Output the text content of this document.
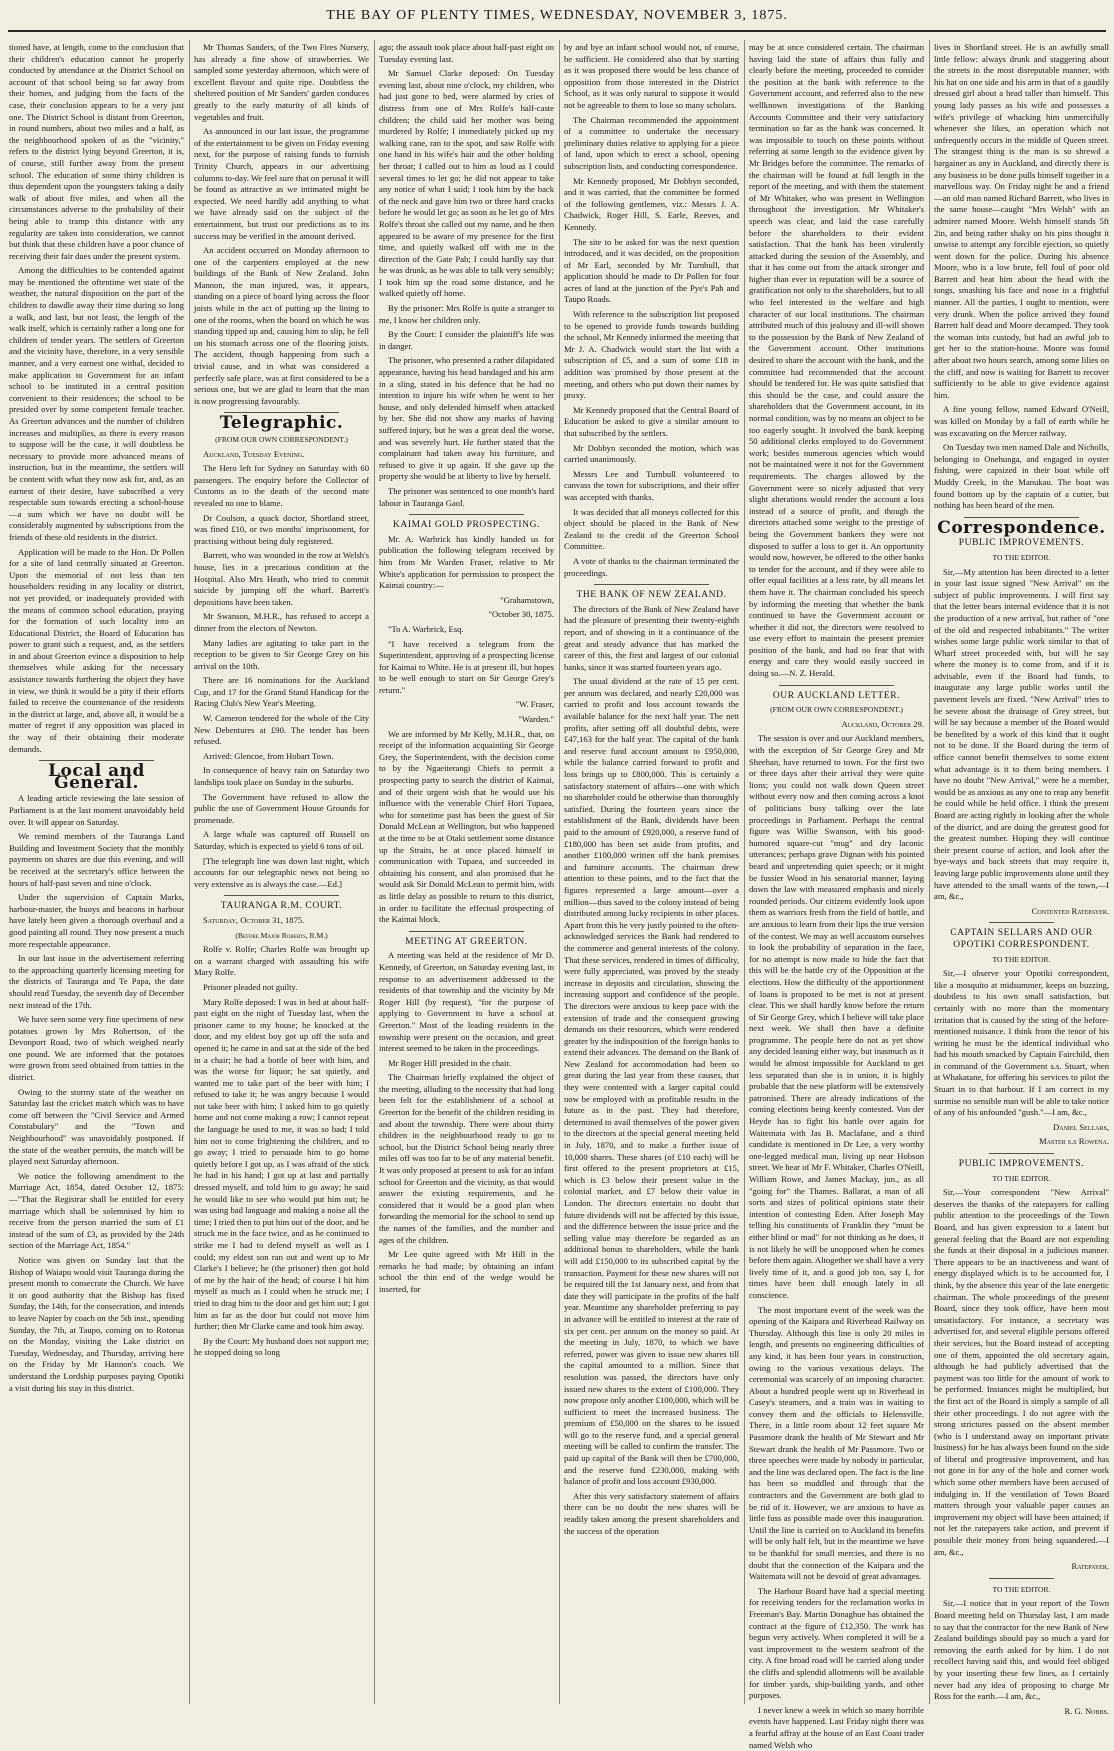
THE BAY OF PLENTY TIMES, WEDNESDAY, NOVEMBER 3, 1875.

tioned have, at length, come to the conclusion that their children's education cannot be properly conducted by attendance at the District School on account of that school being so far away from their homes, and judging from the facts of the case, their conclusion appears to be a very just one. The District School is distant from Greerton, in round numbers, about two miles and a half, as the neighbourhood spoken of as the "vicinity," refers to the district lying beyond Greerton, it is, of course, still further away from the present school. The education of some thirty children is thus dependent upon the youngsters taking a daily walk of about five miles, and when all the circumstances adverse to the probability of their being able to tramp this distance with any regularity are taken into consideration, we cannot but think that these children have a poor chance of receiving their fair dues under the present system.

Among the difficulties to be contended against may be mentioned the oftentime wet state of the weather, the natural disposition on the part of the children to dawdle away their time during so long a walk, and last, but not least, the length of the walk itself, which is certainly rather a long one for children of tender years. The settlers of Greerton and the vicinity have, therefore, in a very sensible manner, and a very earnest one withal, decided to make application to Government for an infant school to be instituted in a central position convenient to their residences; the school to be presided over by some competent female teacher. As Greerton advances and the number of children increases and multiplies, as there is every reason to suppose will be the case, it will doubtless be necessary to provide more advanced means of instruction, but in the meantime, the settlers will be content with what they now ask for, and, as an earnest of their desire, have subscribed a very respectable sum towards erecting a school-house—a sum which we have no doubt will be considerably augmented by subscriptions from the friends of these old residents in the district.

Application will be made to the Hon. Dr Pollen for a site of land centrally situated at Greerton. Upon the memorial of not less than ten householders residing in any locality or district, not yet provided, or inadequately provided with the means of common school education, praying for the formation of such locality into an Educational District, the Board of Education has power to grant such a request, and, as the settlers in and about Greerton evince a disposition to help themselves while asking for the necessary assistance towards furthering the object they have in view, we think it would be a pity if their efforts failed to receive the countenance of the residents in the district at large, and, above all, it would be a matter of regret if any opposition was placed in the way of their obtaining their moderate demands.

Local and General.

A leading article reviewing the late session of Parliament is at the last moment unavoidably held over. It will appear on Saturday.

We remind members of the Tauranga Land Building and Investment Society that the monthly payments on shares are due this evening, and will be received at the secretary's office between the hours of half-past seven and nine o'clock.

Under the supervision of Captain Marks, harbour-master, the buoys and beacons in harbour have lately been given a thorough overhaul and a good painting all round. They now present a much more respectable appearance.

In our last issue in the advertisement referring to the approaching quarterly licensing meeting for the districts of Tauranga and Te Papa, the date should read Tuesday, the seventh day of December next instead of the 17th.

We have seen some very fine specimens of new potatoes grown by Mrs Robertson, of the Devonport Road, two of which weighed nearly one pound. We are informed that the potatoes were grown from seed obtained from tatties in the district.

Owing to the stormy state of the weather on Saturday last the cricket match which was to have come off between the "Civil Service and Armed Constabulary" and the "Town and Neighbourhood" was unavoidably postponed. If the state of the weather permits, the match will be played next Saturday afternoon.

We notice the following amendment to the Marriage Act, 1854, dated October 12, 1875:—"That the Registrar shall be entitled for every marriage which shall be solemnised by him to receive from the person married the sum of £1 instead of the sum of £3, as provided by the 24th section of the Marriage Act, 1854."

Notice was given on Sunday last that the Bishop of Waiapu would visit Tauranga during the present month to consecrate the Church. We have it on good authority that the Bishop has fixed Sunday, the 14th, for the consecration, and intends to leave Napier by coach on the 5th inst., spending Sunday, the 7th, at Taupo, coming on to Rotorua on the Monday, visiting the Lake district on Tuesday, Wednesday, and Thursday, arriving here on the Friday by Mr Hannon's coach. We understand the Lordship purposes paying Opotiki a visit during his stay in this district.

Mr Thomas Sanders, of the Two Fires Nursery, has already a fine show of strawberries. We sampled some yesterday afternoon, which were of excellent flavour and quite ripe. Doubtless the sheltered position of Mr Sanders' garden conduces greatly to the early maturity of all kinds of vegetables and fruit.

As announced in our last issue, the programme of the entertainment to be given on Friday evening next, for the purpose of raising funds to furnish Trinity Church, appears in our advertising columns to-day. We feel sure that on perusal it will be found as attractive as we intimated might be expected. We need hardly add anything to what we have already said on the subject of the entertainment, but trust our predictions as to its success may be verified in the amount derived.

An accident occurred on Monday afternoon to one of the carpenters employed at the new buildings of the Bank of New Zealand. John Mannon, the man injured, was, it appears, standing on a piece of board lying across the floor joists while in the act of putting up the lining to one of the rooms, when the board on which he was standing tipped up and, causing him to slip, he fell on his stomach across one of the flooring joists. The accident, though happening from such a trivial cause, and in what was considered a perfectly safe place, was at first considered to be a serious one, but we are glad to learn that the man is now progressing favourably.

Telegraphic.
(FROM OUR OWN CORRESPONDENT.)

Auckland, Tuesday Evening.

The Hero left for Sydney on Saturday with 60 passengers. The enquiry before the Collector of Customs as to the death of the second mate revealed no one to blame.

Dr Coulson, a quack doctor, Shortland street, was fined £10, or two months' imprisonment, for practising without being duly registered.

Barrett, who was wounded in the row at Welsh's house, lies in a precarious condition at the Hospital. Also Mrs Heath, who tried to commit suicide by jumping off the wharf. Barrett's depositions have been taken.

Mr Swanson, M.H.R., has refused to accept a dinner from the electors of Newton.

Many ladies are agitating to take part in the reception to be given to Sir George Grey on his arrival on the 10th.

There are 16 nominations for the Auckland Cup, and 17 for the Grand Stand Handicap for the Racing Club's New Year's Meeting.

W. Cameron tendered for the whole of the City New Debentures at £90. The tender has been refused.

Arrived: Glencoe, from Hobart Town.

In consequence of heavy rain on Saturday two landslips took place on Sunday in the suburbs.

The Government have refused to allow the public the use of Government House Grounds for promenade.

A large whale was captured off Russell on Saturday, which is expected to yield 6 tons of oil.

[The telegraph line was down last night, which accounts for our telegraphic news not being so very extensive as is always the case.—Ed.]

TAURANGA R.M. COURT.

Saturday, October 31, 1875.

(Before Major Roberts, R.M.)

Rolfe v. Rolfe; Charles Rolfe was brought up on a warrant charged with assaulting his wife Mary Rolfe.

Prisoner pleaded not guilty.

Mary Rolfe deposed: I was in bed at about half-past eight on the night of Tuesday last, when the prisoner came to my house; he knocked at the door, and my eldest boy got up off the sofa and opened it; he came in and sat at the side of the bed in a chair; he had a bottle of beer with him, and was the worse for liquor; he sat quietly, and wanted me to take part of the beer with him; I refused to take it; he was angry because I would not take beer with him; I asked him to go quietly home and not come making a row; I cannot repeat the language he used to me, it was so bad; I told him not to come frightening the children, and to go away; I tried to persuade him to go home quietly before I got up, as I was afraid of the stick he had in his hand; I got up at last and partially dressed myself, and told him to go away; he said he would like to see who would put him out; he was using bad language and making a noise all the time; I tried then to put him out of the door, and he struck me in the face twice, and as he continued to strike me I had to defend myself as well as I could; my eldest son ran out and went up to Mr Clarke's I believe; he (the prisoner) then got hold of me by the hair of the head; of course I hit him myself as much as I could when he struck me; I tried to drag him to the door and get him out; I got him as far as the door but could not move him further; then Mr Clarke came and took him away.

By the Court: My husband does not support me; he stopped doing so long

ago; the assault took place about half-past eight on Tuesday evening last.

Mr Samuel Clarke deposed: On Tuesday evening last, about nine o'clock, my children, who had just gone to bed, were alarmed by cries of distress from one of Mrs Rolfe's half-caste children; the child said her mother was being murdered by Rolfe; I immediately picked up my walking cane, ran to the spot, and saw Rolfe with one hand in his wife's hair and the other holding her throat; I called out to him as loud as I could several times to let go; he did not appear to take any notice of what I said; I took him by the back of the neck and gave him two or three hard cracks before he would let go; as soon as he let go of Mrs Rolfe's throat she called out my name, and he then appeared to be aware of my presence for the first time, and quietly walked off with me in the direction of the Gate Pah; I could hardly say that he was drunk, as he was able to talk very sensibly; I took him up the road some distance, and he walked quietly off home.

By the prisoner: Mrs Rolfe is quite a stranger to me, I know her children only.

By the Court: I consider the plaintiff's life was in danger.

The prisoner, who presented a rather dilapidated appearance, having his head bandaged and his arm in a sling, stated in his defence that he had no intention to injure his wife when he went to her house, and only defended himself when attacked by her. She did not show any marks of having suffered injury, but he was a great deal the worse, and was severely hurt. He further stated that the complainant had taken away his furniture, and refused to give it up again. If she gave up the property she would be at liberty to live by herself.

The prisoner was sentenced to one month's hard labour in Tauranga Gaol.

KAIMAI GOLD PROSPECTING.

Mr. A. Warbrick has kindly handed us for publication the following telegram received by him from Mr Warden Fraser, relative to Mr White's application for permission to prospect the Kaimai country:—

"Grahamstown,

"October 30, 1875.

"To A. Warbrick, Esq.

"I have received a telegram from the Superintendent, approving of a prospecting license for Kaimai to White. He is at present ill, but hopes to be well enough to start on Sir George Grey's return."

"W. Fraser,

"Warden."

We are informed by Mr Kelly, M.H.R., that, on receipt of the information acquainting Sir George Grey, the Superintendent, with the decision come to by the Ngaeiterangi Chiefs to permit a prospecting party to search the district of Kaimai, and of their urgent wish that he would use his influence with the venerable Chief Hori Tupaea, who for sometime past has been the guest of Sir Donald McLean at Wellington, but who happened at the time to be at Otaki settlement some distance up the Straits, he at once placed himself in communication with Tupaea, and succeeded in obtaining his consent, and also promised that he would ask Sir Donald McLean to permit him, with as little delay as possible to return to this district, in order to facilitate the effectual prospecting of the Kaimai block.

MEETING AT GREERTON.

A meeting was held at the residence of Mr D. Kennedy, of Greerton, on Saturday evening last, in response to an advertisement addressed to the residents of that township and the vicinity by Mr Roger Hill (by request), "for the purpose of applying to Government to have a school at Greerton." Most of the leading residents in the township were present on the occasion, and great interest seemed to be taken in the proceedings.

Mr Roger Hill presided in the chair.

The Chairman briefly explained the object of the meeting, alluding to the necessity that had long been felt for the establishment of a school at Greerton for the benefit of the children residing in and about the township. There were about thirty children in the neighbourhood ready to go to school, but the District School being nearly three miles off was too far to be of any material benefit. It was only proposed at present to ask for an infant school for Greerton and the vicinity, as that would answer the existing requirements, and he considered that it would be a good plan when forwarding the memorial for the school to send up the names of the families, and the number and ages of the children.

Mr Lee quite agreed with Mr Hill in the remarks he had made; by obtaining an infant school the thin end of the wedge would be inserted, for

by and bye an infant school would not, of course, be sufficient. He considered also that by starting as it was proposed there would be less chance of opposition from those interested in the District School, as it was only natural to suppose it would not be agreeable to them to lose so many scholars.

The Chairman recommended the appointment of a committee to undertake the necessary preliminary duties relative to applying for a piece of land, upon which to erect a school, opening subscription lists, and conducting correspondence.

Mr Kennedy proposed, Mr Dobbyn seconded, and it was carried, that the committee be formed of the following gentlemen, viz.: Messrs J. A. Chadwick, Roger Hill, S. Earle, Reeves, and Kennedy.

The site to be asked for was the next question introduced, and it was decided, on the proposition of Mr Earl, seconded by Mr Turnbull, that application should be made to Dr Pollen for four acres of land at the junction of the Pye's Pah and Taupo Roads.

With reference to the subscription list proposed to be opened to provide funds towards building the school, Mr Kennedy informed the meeting that Mr J. A. Chadwick would start the list with a subscription of £5, and a sum of some £18 in addition was promised by those present at the meeting, and others who put down their names by proxy.

Mr Kennedy proposed that the Central Board of Education be asked to give a similar amount to that subscribed by the settlers.

Mr Dobbyn seconded the motion, which was carried unanimously.

Messrs Lee and Turnbull volunteered to canvass the town for subscriptions, and their offer was accepted with thanks.

It was decided that all moneys collected for this object should be placed in the Bank of New Zealand to the credit of the Greerton School Committee.

A vote of thanks to the chairman terminated the proceedings.

THE BANK OF NEW ZEALAND.

The directors of the Bank of New Zealand have had the pleasure of presenting their twenty-eighth report, and of showing in it a continuance of the great and steady advance that has marked the career of this, the first and largest of our colonial banks, since it was started fourteen years ago.

The usual dividend at the rate of 15 per cent. per annum was declared, and nearly £20,000 was carried to profit and loss account towards the available balance for the next half year. The nett profits, after setting off all doubtful debts, were £47,163 for the half year. The capital of the bank and reserve fund account amount to £950,000, while the balance carried forward to profit and loss brings up to £800,000. This is certainly a satisfactory statement of affairs—one with which no shareholder could be otherwise than thoroughly satisfied. During the fourteen years since the establishment of the Bank, dividends have been paid to the amount of £920,000, a reserve fund of £180,000 has been set aside from profits, and another £100,000 written off the bank premises and furniture accounts. The chairman drew attention to these points, and to the fact that the figures represented a large amount—over a million—thus saved to the colony instead of being distributed among lucky recipients in other places. Apart from this he very justly pointed to the often-acknowledged services the Bank had rendered to the commerce and general interests of the colony. That these services, rendered in times of difficulty, were fully appreciated, was proved by the steady increase in deposits and circulation, showing the increasing support and confidence of the people. The directors were anxious to keep pace with the extension of trade and the consequent growing demands on their resources, which were rendered greater by the indisposition of the foreign banks to extend their advances. The demand on the Bank of New Zealand for accommodation had been so great during the last year from these causes, that they were contented with a larger capital could now be employed with as profitable results in the future as in the past. They had therefore, determined to avail themselves of the power given to the directors at the special general meeting held in July, 1870, and to make a further issue of 10,000 shares. These shares (of £10 each) will be first offered to the present proprietors at £15, which is £3 below their present value in the colonial market, and £7 below their value in London. The directors entertain no doubt that future dividends will not be affected by this issue, and the difference between the issue price and the selling value may therefore be regarded as an additional bonus to shareholders, while the bank will add £150,000 to its subscribed capital by the transaction. Payment for these new shares will not be required till the 1st January next, and from that date they will participate in the profits of the half year. Meantime any shareholder preferring to pay in advance will be entitled to interest at the rate of six per cent. per annum on the money so paid. At the meeting in July, 1870, to which we have referred, power was given to issue new shares till the capital amounted to a million. Since that resolution was passed, the directors have only issued new shares to the extent of £100,000. They now propose only another £100,000, which will be sufficient to meet the increased business. The premium of £50,000 on the shares to be issued will go to the reserve fund, and a special general meeting will be called to confirm the transfer. The paid up capital of the Bank will then be £700,000, and the reserve fund £230,000, making with balance of profit and loss account £930,000.

After this very satisfactory statement of affairs there can be no doubt the new shares will be readily taken among the present shareholders and the success of the operation

may be at once considered certain. The chairman having laid the state of affairs thus fully and clearly before the meeting, proceeded to consider the position at the bank with reference to the Government account, and referred also to the new wellknown investigations of the Banking Accounts Committee and their very satisfactory termination so far as the bank was concerned. It was impossible to touch on these points without referring at some length to the evidence given by Mr Bridges before the committee. The remarks of the chairman will be found at full length in the report of the meeting, and with them the statement of Mr Whitaker, who was present in Wellington throughout the investigation. Mr Whitaker's speech was clear, and laid the case carefully before the shareholders to their evident satisfaction. That the bank has been virulently attacked during the session of the Assembly, and that it has come out from the attack stronger and higher than ever in reputation will be a source of gratification not only to the shareholders, but to all who feel interested in the welfare and high character of our local institutions. The chairman attributed much of this jealousy and ill-will shown to the possession by the Bank of New Zealand of the Government account. Other institutions desired to share the account with the bank, and the committee had recommended that the account should be tendered for. He was quite satisfied that this should be the case, and could assure the shareholders that the Government account, in its normal condition, was by no means an object to be too eagerly sought. It involved the bank keeping 50 additional clerks employed to do Government work; besides numerous agencies which would not be maintained were it not for the Government requirements. The charges allowed by the Government were so nicely adjusted that very slight alterations would render the account a loss instead of a source of profit, and though the directors attached some weight to the prestige of being the Government bankers they were not disposed to suffer a loss to get it. An opportunity would now, however, be offered to the other banks to tender for the account, and if they were able to offer equal facilities at a less rate, by all means let them have it. The chairman concluded his speech by informing the meeting that whether the bank continued to have the Government account or whether it did not, the directors were resolved to use every effort to maintain the present premier position of the bank, and had no fear that with energy and care they would easily succeed in doing so.—N. Z. Herald.

OUR AUCKLAND LETTER.
(FROM OUR OWN CORRESPONDENT.)

Auckland, October 29.

The session is over and our Auckland members, with the exception of Sir George Grey and Mr Sheehan, have returned to town. For the first two or three days after their arrival they were quite lions; you could not walk down Queen street without every now and then coming across a knot of politicians busy talking over the late proceedings in Parliament. Perhaps the central figure was Willie Swanson, with his good-humored square-cut "mug" and dry laconic utterances; perhaps grave Dignan with his pointed beard and unpretending quiet speech; or it might be fussier Wood in his senatorial manner, laying down the law with measured emphasis and nicely rounded periods. Our citizens evidently look upon them as warriors fresh from the field of battle, and are anxious to learn from their lips the true version of the contest. We may as well accustom ourselves to look the probability of separation in the face, for no attempt is now made to hide the fact that this will be the battle cry of the Opposition at the elections. How the difficulty of the apportionment of loans is proposed to be met is not at present clear. This we shall hardly know before the return of Sir George Grey, which I believe will take place next week. We shall then have a definite programme. The people here do not as yet show any decided leaning either way, but inasmuch as it would be almost impossible for Auckland to get less separated than she is in union, it is highly probable that the new platform will be extensively patronised. There are already indications of the coming elections being keenly contested. Von der Heyde has to fight his battle over again for Waitemata with Jas B. Maclafane, and a third candidate is mentioned in Dr Lee, a very worthy one-legged medical man, living up near Hobson street. We hear of Mr F. Whitaker, Charles O'Neill, William Rowe, and James Mackay, jun., as all "going for" the Thames. Ballarat, a man of all sorts and sizes of political opinions state their intention of contesting Eden. After Joseph May telling his constituents of Franklin they "must be either blind or mad" for not thinking as he does, it is not likely he will be unopposed when he comes before them again. Altogether we shall have a very lively time of it, and a good job too, say I, for times have been dull enough lately in all conscience.

The most important event of the week was the opening of the Kaipara and Riverhead Railway on Thursday. Although this line is only 20 miles in length, and presents no engineering difficulties of any kind, it has been four years in construction, owing to the various vexatious delays. The ceremonial was scarcely of an imposing character. About a hundred people went up to Riverhead in Casey's steamers, and a train was in waiting to convey them and the officials to Helensville. There, in a little room about 12 feet square Mr Passmore drank the health of Mr Stewart and Mr Stewart drank the health of Mr Passmore. Two or three speeches were made by nobody in particular, and the line was declared open. The fact is the line has been so muddled and through that the contractors and the Government are both glad to be rid of it. However, we are anxious to have as little fuss as possible made over this inauguration. Until the line is carried on to Auckland its benefits will be only half felt, but in the meantime we have to be thankful for small mercies, and there is no doubt that the connection of the Kaipara and the Waitemata will not be devoid of great advantages.

The Harbour Board have had a special meeting for receiving tenders for the reclamation works in Freeman's Bay. Martin Donaghue has obtained the contract at the figure of £12,350. The work has begun very actively. When completed it will be a vast improvement to the western seafront of the city. A fine broad road will be carried along under the cliffs and splendid allotments will be available for timber yards, ship-building yards, and other purposes.

I never knew a week in which so many horrible events have happened. Last Friday night there was a fearful affray at the house of an East Coast trader named Welsh who

lives in Shortland street. He is an awfully small little fellow: always drunk and staggering about the streets in the most disreputable manner, with his hat on one side and his arm in that of a gaudily dressed girl about a head taller than himself. This young lady passes as his wife and possesses a wife's privilege of whacking him unmercifully whenever she likes, an operation which not unfrequently occurs in the middle of Queen street. The strangest thing is the man is so shrewd a bargainer as any in Auckland, and directly there is any business to be done pulls himself together in a marvellous way. On Friday night he and a friend—an old man named Richard Barrett, who lives in the same house—caught "Mrs Welsh" with an admirer named Moore. Welsh himself stands 5ft 2in, and being rather shaky on his pins thought it unwise to attempt any forcible ejection, so quietly went down for the police. During his absence Moore, who is a low brute, fell foul of poor old Barrett and beat him about the head with the tongs, smashing his face and nose in a frightful manner. All the parties, I ought to mention, were very drunk. When the police arrived they found Barrett half dead and Moore decamped. They took the woman into custody, but had an awful job to get her to the station-house. Moore was found after about two hours search, among some lilies on the cliff, and now is waiting for Barrett to recover sufficiently to be able to give evidence against him.

A fine young fellow, named Edward O'Neill, was killed on Monday by a fall of earth while he was excavating on the Mercer railway.

On Tuesday two men named Dale and Nicholls, belonging to Onehunga, and engaged in oyster fishing, were capsized in their boat while off Muddy Creek, in the Manukau. The boat was found bottom up by the captain of a cutter, but nothing has been heard of the men.

Correspondence.
PUBLIC IMPROVEMENTS.
TO THE EDITOR.

Sir,—My attention has been directed to a letter in your last issue signed "New Arrival" on the subject of public improvements. I will first say that the letter bears internal evidence that it is not the production of a new arrival, but rather of "one of the old and respected inhabitants." The writer wishes some large public work similar to that of Wharf street proceeded with, but will he say where the money is to come from, and if it is advisable, even if the Board had funds, to inaugurate any large public works until the pavement levels are fixed. "New Arrival" tries to be severe about the drainage of Grey street, but will he say because a member of the Board would be benefited by a work of this kind that it ought not to be done. If the Board during the term of office cannot benefit themselves to some extent what advantage is it to them being members. I have no doubt "New Arrival," were he a member, would be as anxious as any one to reap any benefit he could while he held office. I think the present Board are acting rightly in looking after the whole of the district, and are doing the greatest good for the greatest number. Hoping they will continue their present course of action, and look after the bye-ways and back streets that may require it, leaving large public improvements alone until they have attended to the small wants of the town,—I am, &c.,

Contented Ratepayer.

CAPTAIN SELLARS AND OUR OPOTIKI CORRESPONDENT.
TO THE EDITOR.

Sir,—I observe your Opotiki correspondent, like a mosquito at midsummer, keeps on buzzing, doubtless to his own small satisfaction, but certainly with no more than the momentary irritation that is caused by the sting of the before-mentioned nuisance. I think from the tenor of his writing he must be the identical individual who had his mouth smacked by Captain Fairchild, then in command of the Government s.s. Stuart, when at Whakatane, for offering his services to pilot the Stuart in to that harbour. If I am correct in my surmise no sensible man will be able to take notice of any of his unfounded "gush."—I am, &c.,

Daniel Sellars,

Master s.s Rowena.

PUBLIC IMPROVEMENTS.
TO THE EDITOR.

Sir,—Your correspondent "New Arrival" deserves the thanks of the ratepayers for calling public attention to the proceedings of the Town Board, and has given expression to a latent but general feeling that the Board are not expending the funds at their disposal in a judicious manner. There appears to be an inactiveness and want of energy displayed which is to be accounted for, I think, by the absence this year of the late energetic chairman. The whole proceedings of the present Board, since they took office, have been most unsatisfactory. For instance, a secretary was advertised for, and several eligible persons offered their services, but the Board instead of accepting one of them, appointed the old secretary again, although he had publicly advertised that the payment was too little for the amount of work to be performed. Instances might be multiplied, but the first act of the Board is simply a sample of all their other proceedings. I do not agree with the strong strictures passed on the absent member (who is I understand away on important private business) for he has always been found on the side of liberal and progressive improvement, and has not gone in for any of the hole and corner work which some other members have been accused of indulging in. If the ventilation of Town Board matters through your valuable paper causes an improvement my object will have been attained; if not let the ratepayers take action, and prevent if possible their money from being squandered.—I am, &c.,

Ratepayer.

TO THE EDITOR.

Sir,—I notice that in your report of the Town Board meeting held on Thursday last, I am made to say that the contractor for the new Bank of New Zealand buildings should pay so much a yard for removing the earth asked for by him. I do not recollect having said this, and would feel obliged by your inserting these few lines, as I certainly never had any idea of proposing to charge Mr Ross for the earth.—I am, &c.,

R. G. Nobbs.
